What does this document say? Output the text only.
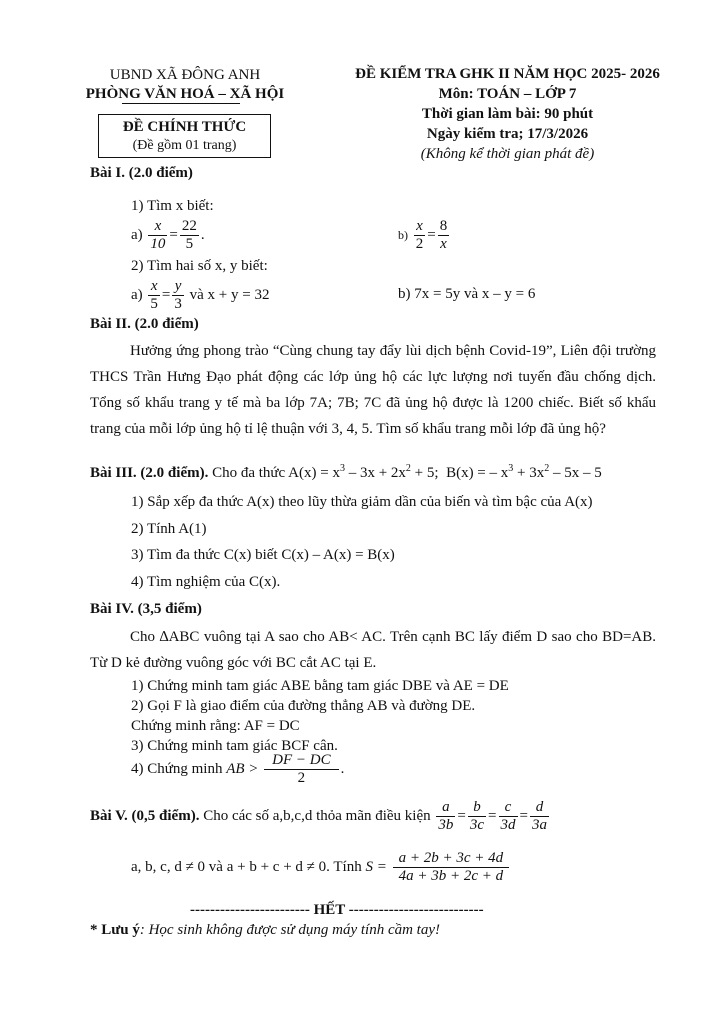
UBND XÃ ĐÔNG ANH
PHÒNG VĂN HOÁ – XÃ HỘI
ĐỀ CHÍNH THỨC
(Đề gồm 01 trang)
ĐỀ KIỂM TRA GHK II NĂM HỌC 2025- 2026
Môn: TOÁN – LỚP 7
Thời gian làm bài: 90 phút
Ngày kiểm tra; 17/3/2026
(Không kể thời gian phát đề)
Bài I. (2.0 điểm)
1) Tìm x biết:
$a) \frac{x}{10} = \frac{22}{5}$ .	$b) \frac{x}{2} = \frac{8}{x}$
2) Tìm hai số x, y biết:
$a) \frac{x}{5} = \frac{y}{3}$ và x + y = 32	b) 7x = 5y và x – y = 6
Bài II. (2.0 điểm)
Hưởng ứng phong trào “Cùng chung tay đẩy lùi dịch bệnh Covid-19”, Liên đội trường THCS Trần Hưng Đạo phát động các lớp ủng hộ các lực lượng nơi tuyến đầu chống dịch. Tổng số khẩu trang y tế mà ba lớp 7A; 7B; 7C đã ủng hộ được là 1200 chiếc. Biết số khẩu trang của mỗi lớp ủng hộ tỉ lệ thuận với 3, 4, 5. Tìm số khẩu trang mỗi lớp đã ủng hộ?
Bài III. (2.0 điểm). Cho đa thức $A(x) = x^3 - 3x + 2x^2 + 5$; B(x) = – $x^3 + 3x^2 - 5x - 5$
1) Sắp xếp đa thức A(x) theo lũy thừa giảm dần của biến và tìm bậc của A(x)
2) Tính A(1)
3) Tìm đa thức C(x) biết C(x) – A(x) = B(x)
4) Tìm nghiệm của C(x).
Bài IV. (3,5 điểm)
Cho ∆ABC vuông tại A sao cho AB< AC. Trên cạnh BC lấy điểm D sao cho BD=AB. Từ D kẻ đường vuông góc với BC cắt AC tại E.
1) Chứng minh tam giác ABE bằng tam giác DBE và AE = DE
2) Gọi F là giao điểm của đường thẳng AB và đường DE.
Chứng minh rằng: AF = DC
3) Chứng minh tam giác BCF cân.
4) Chứng minh AB > $\frac{DF - DC}{2}$ .
Bài V. (0,5 điểm). Cho các số a,b,c,d thỏa mãn điều kiện $\frac{a}{3b} = \frac{b}{3c} = \frac{c}{3d} = \frac{d}{3a}$
a, b, c, d ≠ 0 và a + b + c + d ≠ 0. Tính $S = \frac{a + 2b + 3c + 4d}{4a + 3b + 2c + d}$
------------------------ HẾT ---------------------------
* Lưu ý: Học sinh không được sử dụng máy tính cầm tay!
